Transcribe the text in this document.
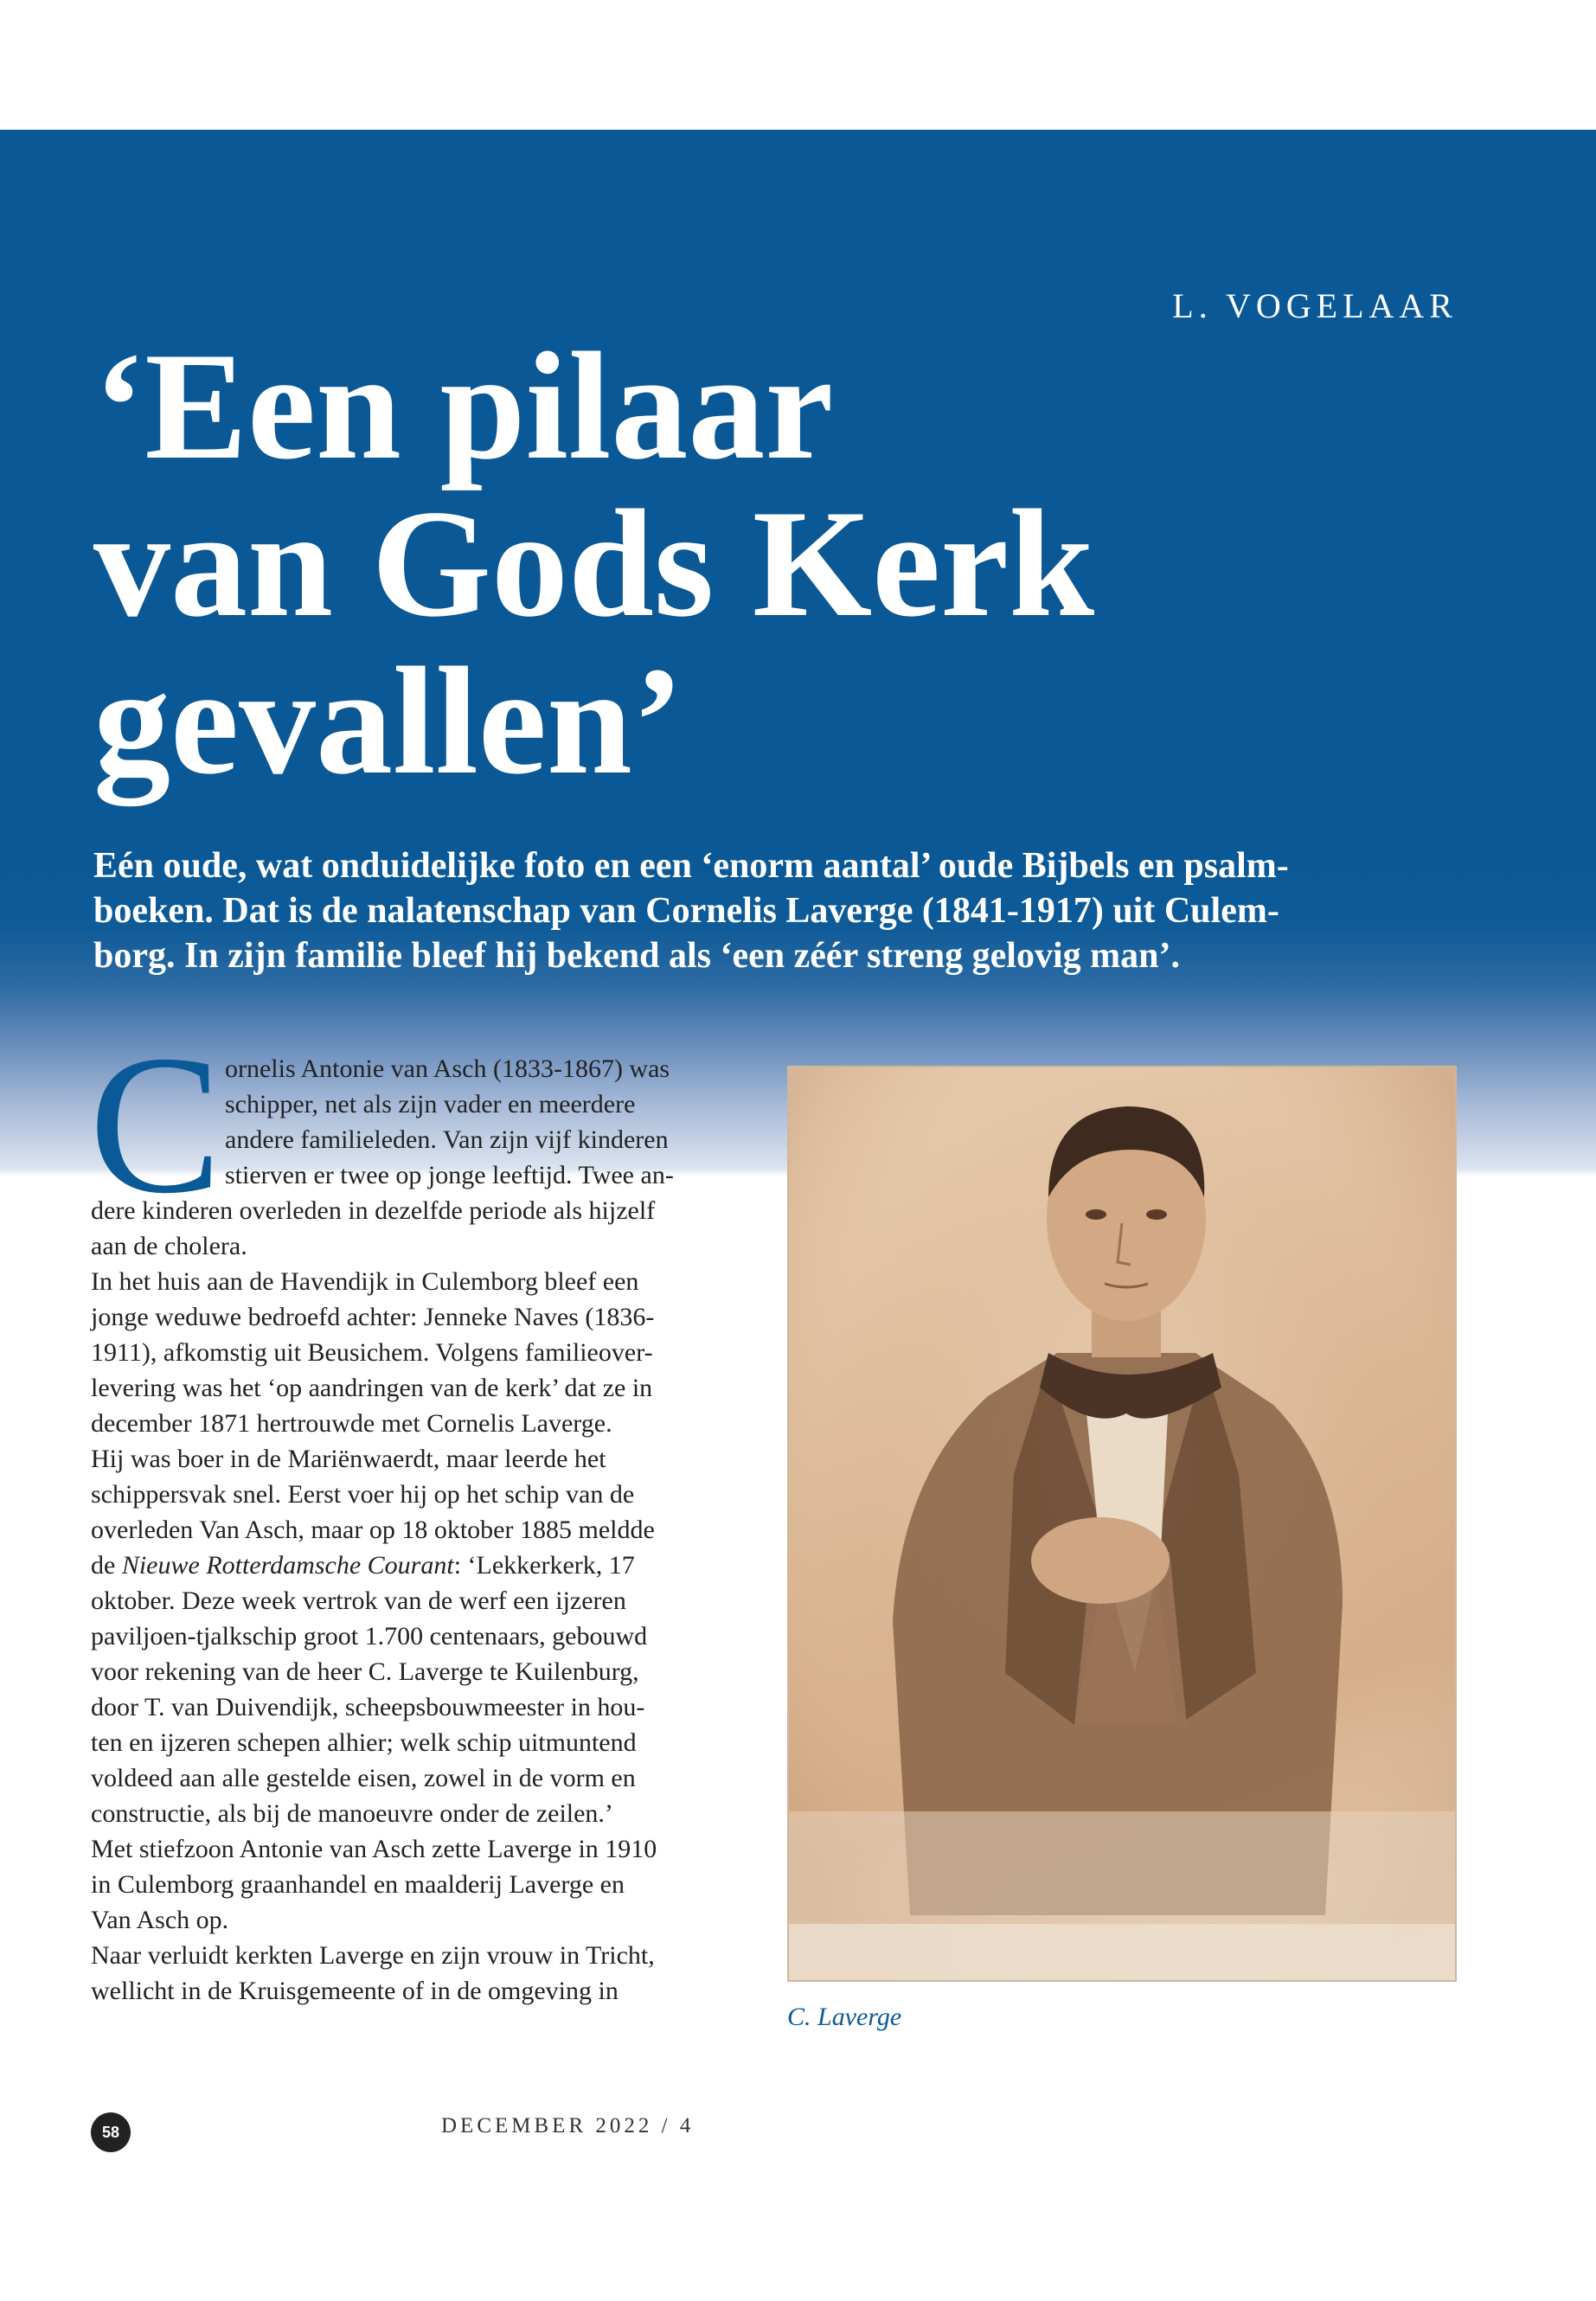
L. VOGELAAR
‘Een pilaar
van Gods Kerk
gevallen’
Eén oude, wat onduidelijke foto en een ‘enorm aantal’ oude Bijbels en psalm-
boeken. Dat is de nalatenschap van Cornelis Laverge (1841-1917) uit Culem-
borg. In zijn familie bleef hij bekend als ‘een zéér streng gelovig man’.
C ornelis Antonie van Asch (1833-1867) was
schipper, net als zijn vader en meerdere
andere familieleden. Van zijn vijf kinderen
stierven er twee op jonge leeftijd. Twee an-
dere kinderen overleden in dezelfde periode als hijzelf
aan de cholera.
In het huis aan de Havendijk in Culemborg bleef een
jonge weduwe bedroefd achter: Jenneke Naves (1836-
1911), afkomstig uit Beusichem. Volgens familieover-
levering was het ‘op aandringen van de kerk’ dat ze in
december 1871 hertrouwde met Cornelis Laverge.
Hij was boer in de Mariënwaerdt, maar leerde het
schippersvak snel. Eerst voer hij op het schip van de
overleden Van Asch, maar op 18 oktober 1885 meldde
de Nieuwe Rotterdamsche Courant: ‘Lekkerkerk, 17
oktober. Deze week vertrok van de werf een ijzeren
paviljoen-tjalkschip groot 1.700 centenaars, gebouwd
voor rekening van de heer C. Laverge te Kuilenburg,
door T. van Duivendijk, scheepsbouwmeester in hou-
ten en ijzeren schepen alhier; welk schip uitmuntend
voldeed aan alle gestelde eisen, zowel in de vorm en
constructie, als bij de manoeuvre onder de zeilen.’
Met stiefzoon Antonie van Asch zette Laverge in 1910
in Culemborg graanhandel en maalderij Laverge en
Van Asch op.
Naar verluidt kerkten Laverge en zijn vrouw in Tricht,
wellicht in de Kruisgemeente of in de omgeving in
C. Laverge
58	DECEMBER 2022 / 4
